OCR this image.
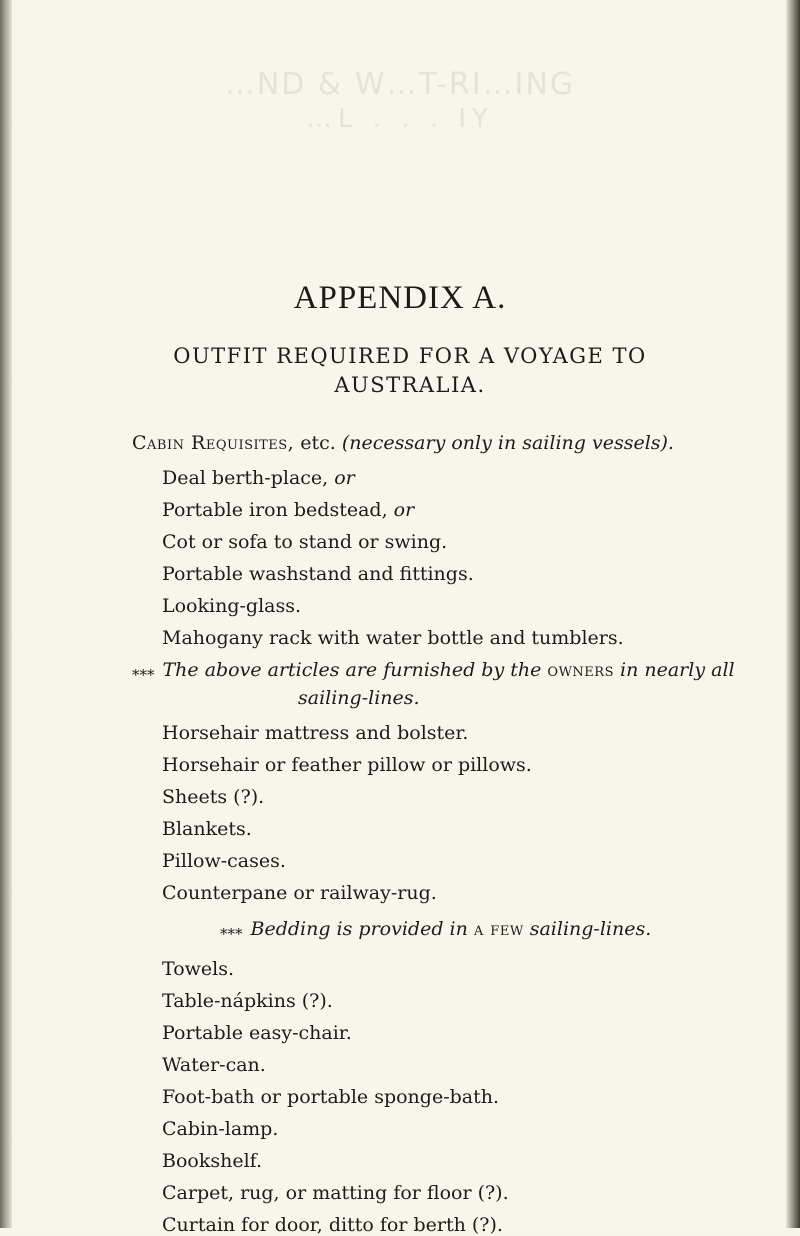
…ND & W…T-RI…ING
…L . . . IY
APPENDIX A.
OUTFIT REQUIRED FOR A VOYAGE TO AUSTRALIA.
Cabin Requisites, etc. (necessary only in sailing vessels).
Deal berth-place, or
Portable iron bedstead, or
Cot or sofa to stand or swing.
Portable washstand and fittings.
Looking-glass.
Mahogany rack with water bottle and tumblers.
$_{***}$ The above articles are furnished by the owners in nearly all
sailing-lines.
Horsehair mattress and bolster.
Horsehair or feather pillow or pillows.
Sheets (?).
Blankets.
Pillow-cases.
Counterpane or railway-rug.
$_{***}$ Bedding is provided in a few sailing-lines.
Towels.
Table-nápkins (?).
Portable easy-chair.
Water-can.
Foot-bath or portable sponge-bath.
Cabin-lamp.
Bookshelf.
Carpet, rug, or matting for floor (?).
Curtain for door, ditto for berth (?).
